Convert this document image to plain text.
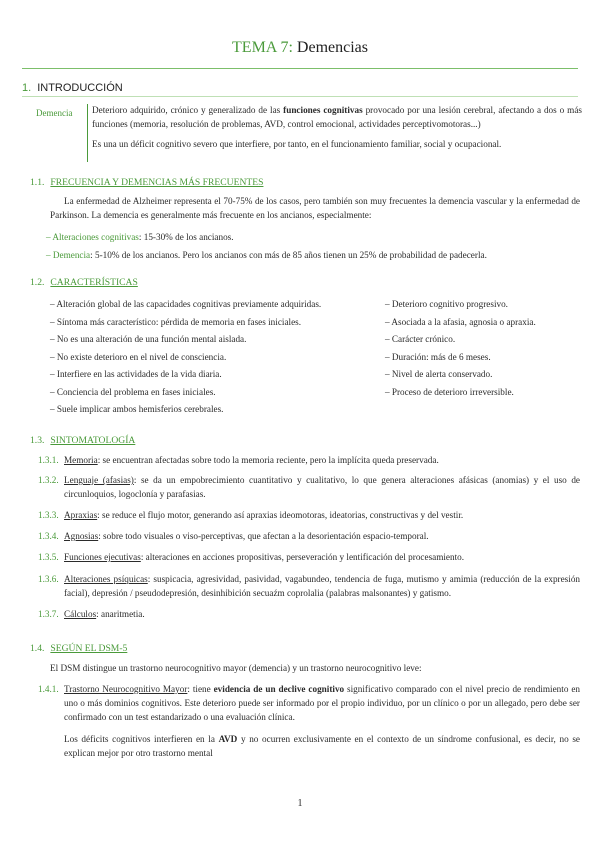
TEMA 7: Demencias
1. INTRODUCCIÓN
Demencia Deterioro adquirido, crónico y generalizado de las funciones cognitivas provocado por una lesión cerebral, afectando a dos o más funciones (memoria, resolución de problemas, AVD, control emocional, actividades perceptivomotoras...)

Es una un déficit cognitivo severo que interfiere, por tanto, en el funcionamiento familiar, social y ocupacional.

1.1. FRECUENCIA Y DEMENCIAS MÁS FRECUENTES
La enfermedad de Alzheimer representa el 70-75% de los casos, pero también son muy frecuentes la demencia vascular y la enfermedad de Parkinson. La demencia es generalmente más frecuente en los ancianos, especialmente:
– Alteraciones cognitivas: 15-30% de los ancianos.
– Demencia: 5-10% de los ancianos. Pero los ancianos con más de 85 años tienen un 25% de probabilidad de padecerla.
1.2. CARACTERÍSTICAS
– Alteración global de las capacidades cognitivas previamente adquiridas.
– Síntoma más característico: pérdida de memoria en fases iniciales.
– No es una alteración de una función mental aislada.
– No existe deterioro en el nivel de consciencia.
– Interfiere en las actividades de la vida diaria.
– Conciencia del problema en fases iniciales.
– Suele implicar ambos hemisferios cerebrales.
– Deterioro cognitivo progresivo.
– Asociada a la afasia, agnosia o apraxia.
– Carácter crónico.
– Duración: más de 6 meses.
– Nivel de alerta conservado.
– Proceso de deterioro irreversible.
1.3. SINTOMATOLOGÍA
1.3.1. Memoria: se encuentran afectadas sobre todo la memoria reciente, pero la implícita queda preservada.
1.3.2. Lenguaje (afasias): se da un empobrecimiento cuantitativo y cualitativo, lo que genera alteraciones afásicas (anomias) y el uso de circunloquios, logoclonía y parafasias.
1.3.3. Apraxias: se reduce el flujo motor, generando así apraxias ideomotoras, ideatorias, constructivas y del vestir.
1.3.4. Agnosias: sobre todo visuales o viso-perceptivas, que afectan a la desorientación espacio-temporal.
1.3.5. Funciones ejecutivas: alteraciones en acciones propositivas, perseveración y lentificación del procesamiento.
1.3.6. Alteraciones psíquicas: suspicacia, agresividad, pasividad, vagabundeo, tendencia de fuga, mutismo y amimia (reducción de la expresión facial), depresión / pseudodepresión, desinhibición secuaźm coprolalia (palabras malsonantes) y gatismo.
1.3.7. Cálculos: anaritmetia.
1.4. SEGÚN EL DSM-5
El DSM distingue un trastorno neurocognitivo mayor (demencia) y un trastorno neurocognitivo leve:
1.4.1. Trastorno Neurocognitivo Mayor: tiene evidencia de un declive cognitivo significativo comparado con el nivel precio de rendimiento en uno o más dominios cognitivos. Este deterioro puede ser informado por el propio individuo, por un clínico o por un allegado, pero debe ser confirmado con un test estandarizado o una evaluación clínica.
Los déficits cognitivos interfieren en la AVD y no ocurren exclusivamente en el contexto de un síndrome confusional, es decir, no se explican mejor por otro trastorno mental
1
